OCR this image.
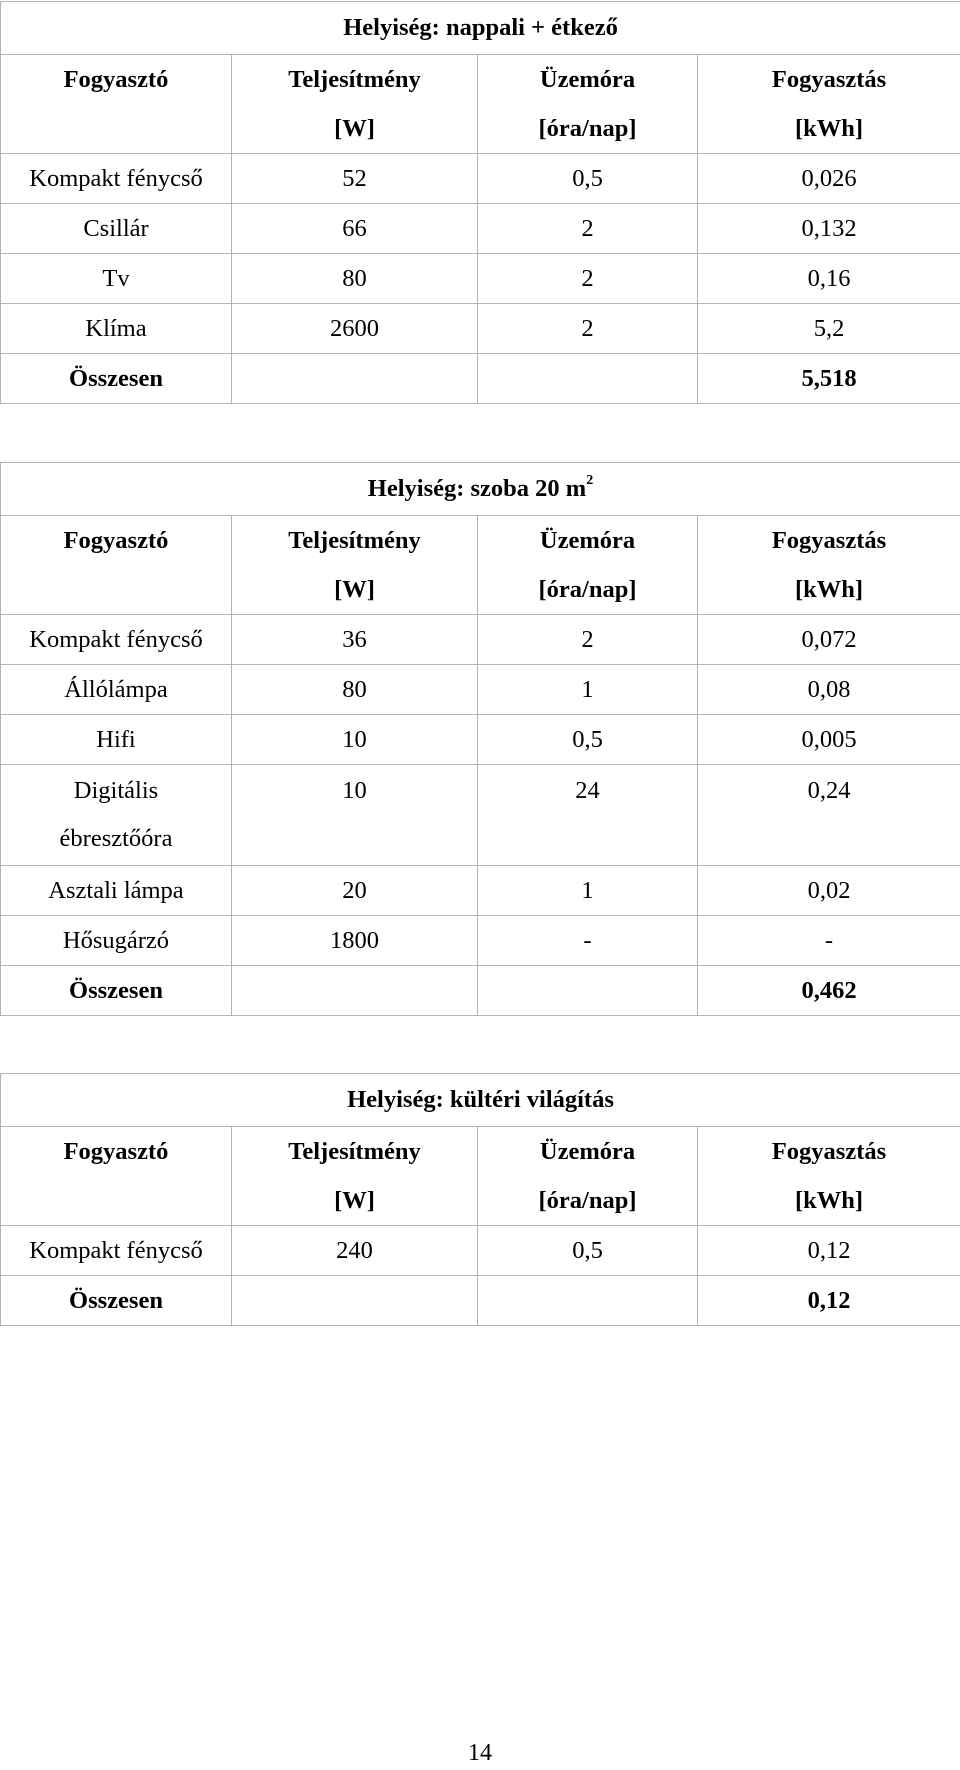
Helyiség: nappali + étkező			
Fogyasztó	Teljesítmény	Üzemóra	Fogyasztás
	[W]	[óra/nap]	[kWh]
Kompakt fénycső	52	0,5	0,026
Csillár	66	2	0,132
Tv	80	2	0,16
Klíma	2600	2	5,2
Összesen			5,518
Helyiség: szoba 20 $m^2$
Fogyasztó	Teljesítmény	Üzemóra	Fogyasztás
	[W]	[óra/nap]	[kWh]
Kompakt fénycső	36	2	0,072
Állólámpa	80	1	0,08
Hifi	10	0,5	0,005

Digitális
ébresztőóra	10	24	0,24
Asztali lámpa	20	1	0,02
Hősugárzó	1800	-	-
Összesen			0,462
Helyiség: kültéri világítás			
Fogyasztó	Teljesítmény	Üzemóra	Fogyasztás
	[W]	[óra/nap]	[kWh]
Kompakt fénycső	240	0,5	0,12
Összesen			0,12
14
